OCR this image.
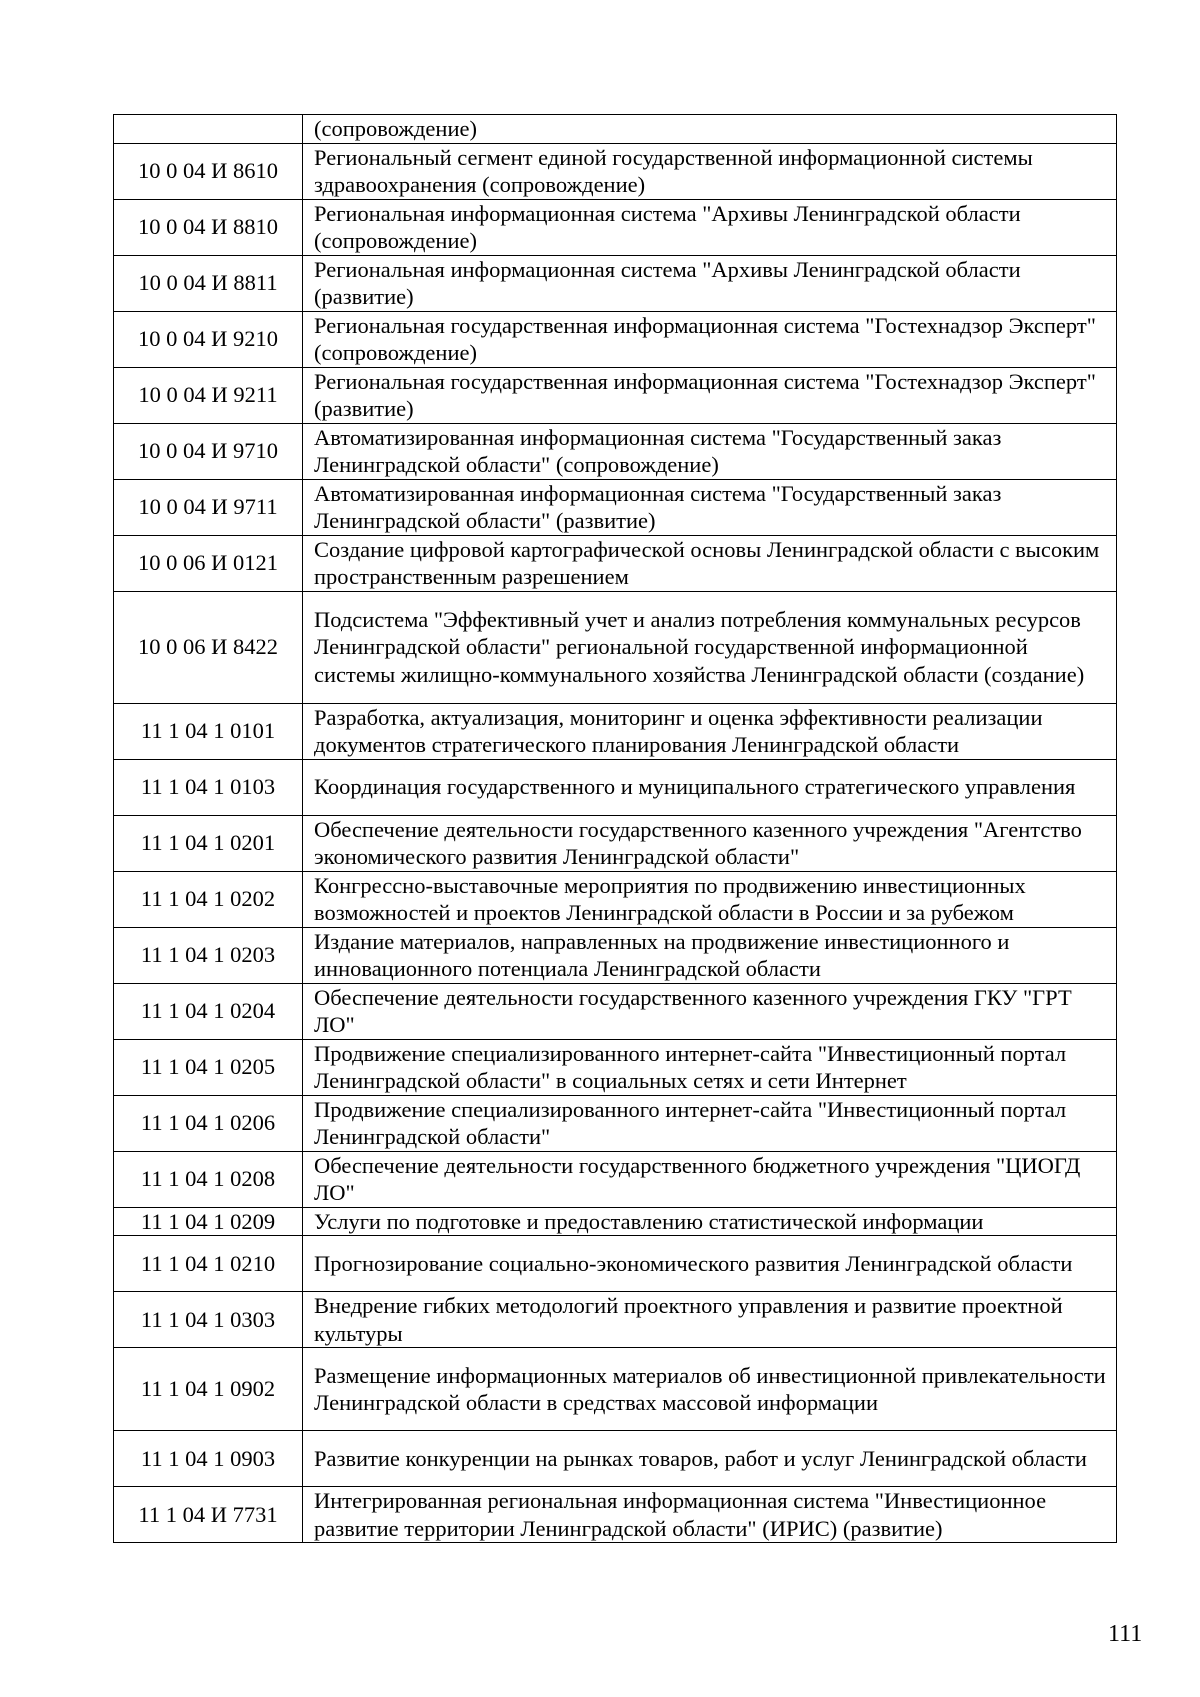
	(сопровождение)
10 0 04 И 8610	Региональный сегмент единой государственной информационной системы здравоохранения (сопровождение)
10 0 04 И 8810	Региональная информационная система "Архивы Ленинградской области (сопровождение)
10 0 04 И 8811	Региональная информационная система "Архивы Ленинградской области (развитие)
10 0 04 И 9210	Региональная государственная информационная система "Гостехнадзор Эксперт" (сопровождение)
10 0 04 И 9211	Региональная государственная информационная система "Гостехнадзор Эксперт" (развитие)
10 0 04 И 9710	Автоматизированная информационная система "Государственный заказ Ленинградской области" (сопровождение)
10 0 04 И 9711	Автоматизированная информационная система "Государственный заказ Ленинградской области" (развитие)
10 0 06 И 0121	Создание цифровой картографической основы Ленинградской области с высоким пространственным разрешением
10 0 06 И 8422	Подсистема "Эффективный учет и анализ потребления коммунальных ресурсов Ленинградской области" региональной государственной информационной системы жилищно-коммунального хозяйства Ленинградской области (создание)
11 1 04 1 0101	Разработка, актуализация, мониторинг и оценка эффективности реализации документов стратегического планирования Ленинградской области
11 1 04 1 0103	Координация государственного и муниципального стратегического управления
11 1 04 1 0201	Обеспечение деятельности государственного казенного учреждения "Агентство экономического развития Ленинградской области"
11 1 04 1 0202	Конгрессно-выставочные мероприятия по продвижению инвестиционных возможностей и проектов Ленинградской области в России и за рубежом
11 1 04 1 0203	Издание материалов, направленных на продвижение инвестиционного и инновационного потенциала Ленинградской области
11 1 04 1 0204	Обеспечение деятельности государственного казенного учреждения ГКУ "ГРТ ЛО"
11 1 04 1 0205	Продвижение специализированного интернет-сайта "Инвестиционный портал Ленинградской области" в социальных сетях и сети Интернет
11 1 04 1 0206	Продвижение специализированного интернет-сайта "Инвестиционный портал Ленинградской области"
11 1 04 1 0208	Обеспечение деятельности государственного бюджетного учреждения "ЦИОГД ЛО"
11 1 04 1 0209	Услуги по подготовке и предоставлению статистической информации
11 1 04 1 0210	Прогнозирование социально-экономического развития Ленинградской области
11 1 04 1 0303	Внедрение гибких методологий проектного управления и развитие проектной культуры
11 1 04 1 0902	Размещение информационных материалов об инвестиционной привлекательности Ленинградской области в средствах массовой информации
11 1 04 1 0903	Развитие конкуренции на рынках товаров, работ и услуг Ленинградской области
11 1 04 И 7731	Интегрированная региональная информационная система "Инвестиционное развитие территории Ленинградской области" (ИРИС) (развитие)
111
